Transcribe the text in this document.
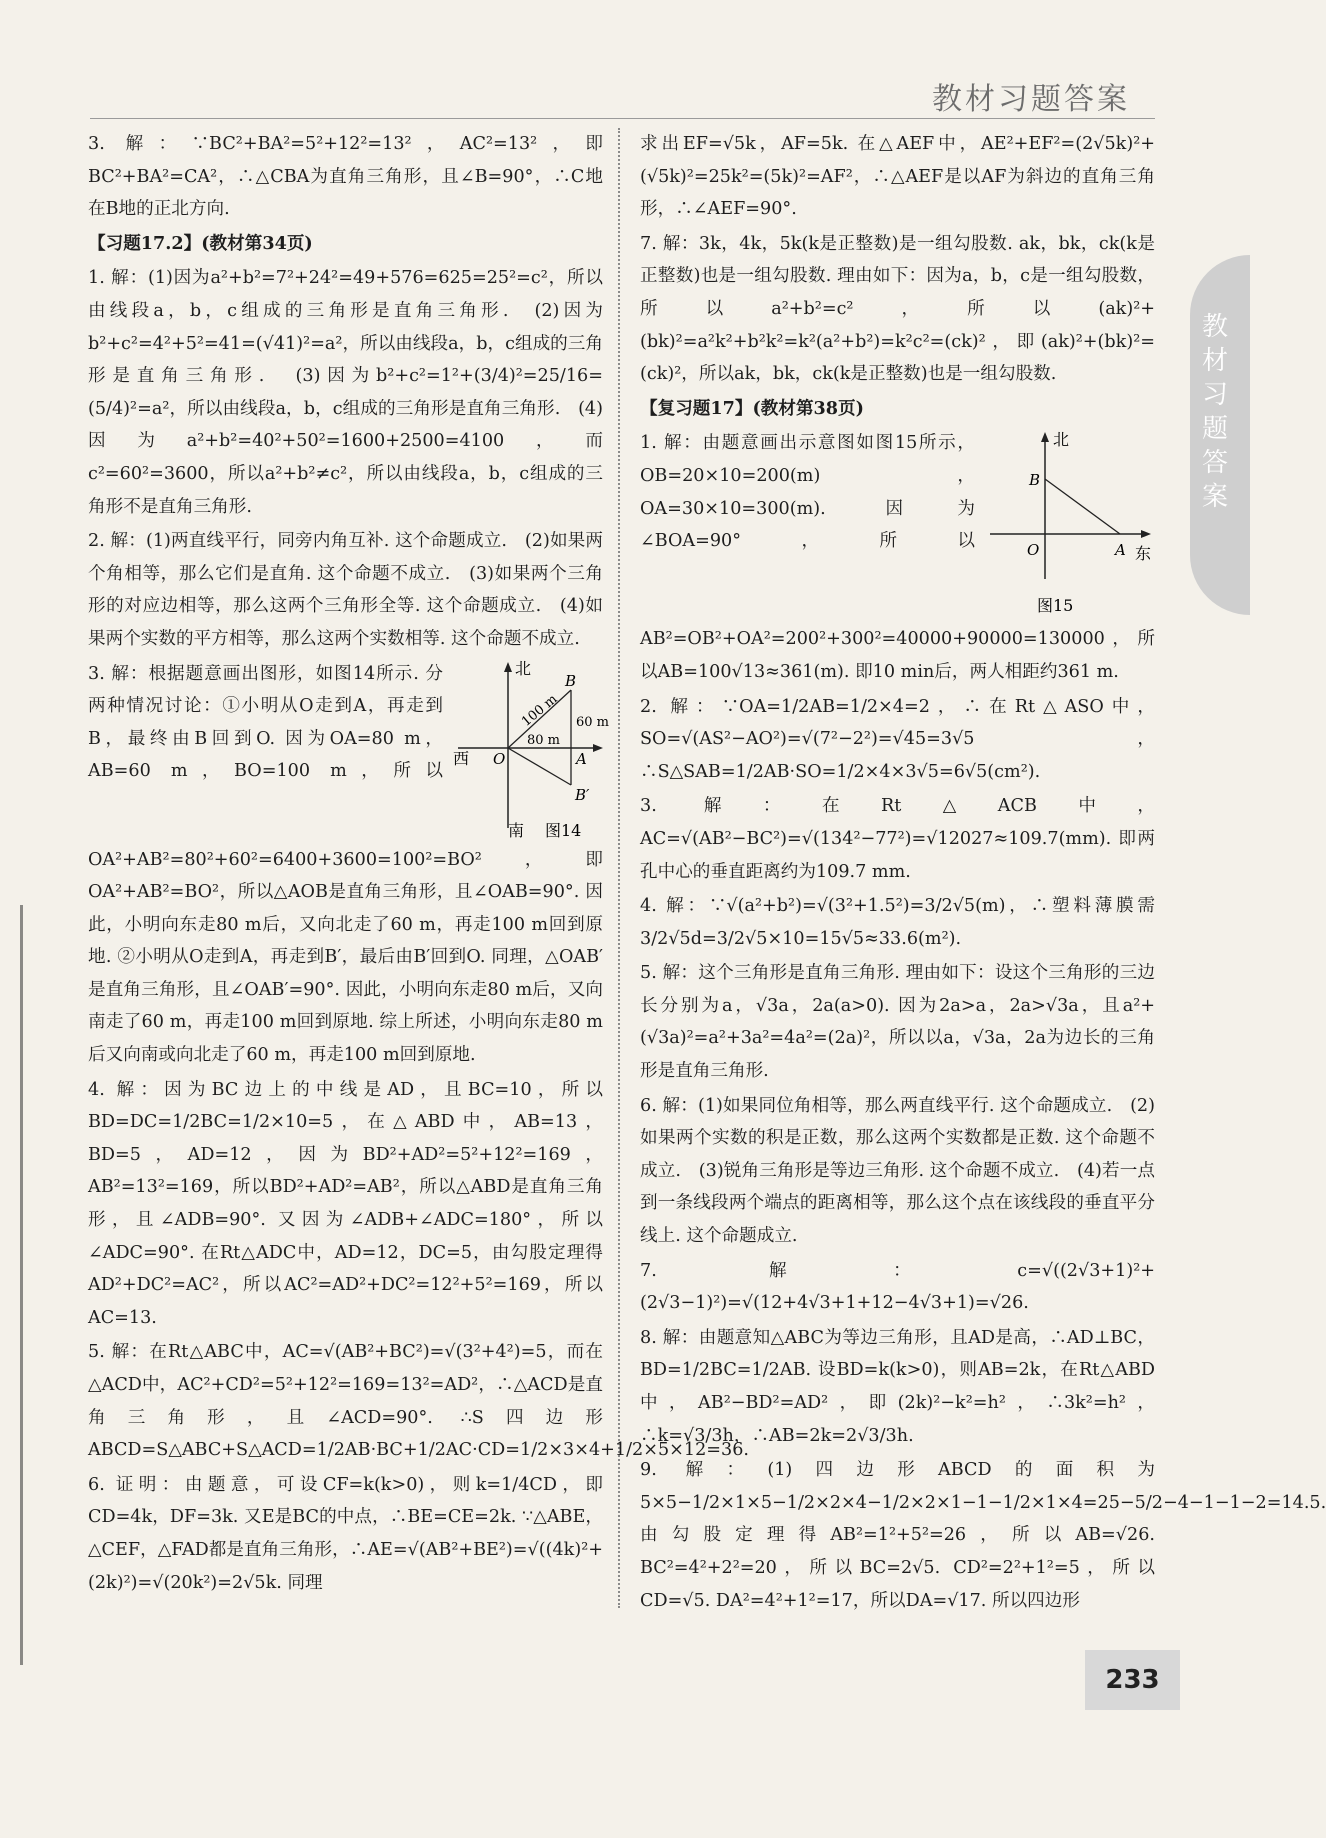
教材习题答案
教材习题答案

3. 解：∵BC²+BA²=5²+12²=13²，AC²=13²，即BC²+BA²=CA²，∴△CBA为直角三角形，且∠B=90°，∴C地在B地的正北方向.

【习题17.2】(教材第34页)

1. 解：(1)因为a²+b²=7²+24²=49+576=625=25²=c²，所以由线段a，b，c组成的三角形是直角三角形.　(2)因为b²+c²=4²+5²=41=(√41)²=a²，所以由线段a，b，c组成的三角形是直角三角形.　(3)因为b²+c²=1²+(3/4)²=25/16=(5/4)²=a²，所以由线段a，b，c组成的三角形是直角三角形.　(4)因为a²+b²=40²+50²=1600+2500=4100，而c²=60²=3600，所以a²+b²≠c²，所以由线段a，b，c组成的三角形不是直角三角形.

2. 解：(1)两直线平行，同旁内角互补. 这个命题成立.　(2)如果两个角相等，那么它们是直角. 这个命题不成立.　(3)如果两个三角形的对应边相等，那么这两个三角形全等. 这个命题成立.　(4)如果两个实数的平方相等，那么这两个实数相等. 这个命题不成立.

北
南
西 O	A
B
B′
100 m
80 m
60 m
图14
3. 解：根据题意画出图形，如图14所示. 分两种情况讨论：①小明从O走到A，再走到B，最终由B回到O. 因为OA=80 m，AB=60 m，BO=100 m，所以OA²+AB²=80²+60²=6400+3600=100²=BO²，即OA²+AB²=BO²，所以△AOB是直角三角形，且∠OAB=90°. 因此，小明向东走80 m后，又向北走了60 m，再走100 m回到原地. ②小明从O走到A，再走到B′，最后由B′回到O. 同理，△OAB′是直角三角形，且∠OAB′=90°. 因此，小明向东走80 m后，又向南走了60 m，再走100 m回到原地. 综上所述，小明向东走80 m后又向南或向北走了60 m，再走100 m回到原地.

4. 解：因为BC边上的中线是AD，且BC=10，所以BD=DC=1/2BC=1/2×10=5，在△ABD中，AB=13，BD=5，AD=12，因为BD²+AD²=5²+12²=169，AB²=13²=169，所以BD²+AD²=AB²，所以△ABD是直角三角形，且∠ADB=90°. 又因为∠ADB+∠ADC=180°，所以∠ADC=90°. 在Rt△ADC中，AD=12，DC=5，由勾股定理得AD²+DC²=AC²，所以AC²=AD²+DC²=12²+5²=169，所以AC=13.

5. 解：在Rt△ABC中，AC=√(AB²+BC²)=√(3²+4²)=5，而在△ACD中，AC²+CD²=5²+12²=169=13²=AD²，∴△ACD是直角三角形，且∠ACD=90°. ∴S四边形ABCD=S△ABC+S△ACD=1/2AB·BC+1/2AC·CD=1/2×3×4+1/2×5×12=36.

6. 证明：由题意，可设CF=k(k>0)，则k=1/4CD，即CD=4k，DF=3k. 又E是BC的中点，∴BE=CE=2k. ∵△ABE，△CEF，△FAD都是直角三角形，∴AE=√(AB²+BE²)=√((4k)²+(2k)²)=√(20k²)=2√5k. 同理

求出EF=√5k，AF=5k. 在△AEF中，AE²+EF²=(2√5k)²+(√5k)²=25k²=(5k)²=AF²，∴△AEF是以AF为斜边的直角三角形，∴∠AEF=90°.

7. 解：3k，4k，5k(k是正整数)是一组勾股数. ak，bk，ck(k是正整数)也是一组勾股数. 理由如下：因为a，b，c是一组勾股数，所以a²+b²=c²，所以(ak)²+(bk)²=a²k²+b²k²=k²(a²+b²)=k²c²=(ck)²，即(ak)²+(bk)²=(ck)²，所以ak，bk，ck(k是正整数)也是一组勾股数.

【复习题17】(教材第38页)

北
东
O	A
B
图15
1. 解：由题意画出示意图如图15所示，OB=20×10=200(m)，OA=30×10=300(m). 因为∠BOA=90°，所以AB²=OB²+OA²=200²+300²=40000+90000=130000，所以AB=100√13≈361(m). 即10 min后，两人相距约361 m.

2. 解：∵OA=1/2AB=1/2×4=2，∴在Rt△ASO中，SO=√(AS²−AO²)=√(7²−2²)=√45=3√5，∴S△SAB=1/2AB·SO=1/2×4×3√5=6√5(cm²).

3. 解：在Rt△ACB中，AC=√(AB²−BC²)=√(134²−77²)=√12027≈109.7(mm). 即两孔中心的垂直距离约为109.7 mm.

4. 解：∵√(a²+b²)=√(3²+1.5²)=3/2√5(m)，∴塑料薄膜需3/2√5d=3/2√5×10=15√5≈33.6(m²).

5. 解：这个三角形是直角三角形. 理由如下：设这个三角形的三边长分别为a，√3a，2a(a>0). 因为2a>a，2a>√3a，且a²+(√3a)²=a²+3a²=4a²=(2a)²，所以以a，√3a，2a为边长的三角形是直角三角形.

6. 解：(1)如果同位角相等，那么两直线平行. 这个命题成立.　(2)如果两个实数的积是正数，那么这两个实数都是正数. 这个命题不成立.　(3)锐角三角形是等边三角形. 这个命题不成立.　(4)若一点到一条线段两个端点的距离相等，那么这个点在该线段的垂直平分线上. 这个命题成立.

7. 解：c=√((2√3+1)²+(2√3−1)²)=√(12+4√3+1+12−4√3+1)=√26.

8. 解：由题意知△ABC为等边三角形，且AD是高，∴AD⊥BC，BD=1/2BC=1/2AB. 设BD=k(k>0)，则AB=2k，在Rt△ABD中，AB²−BD²=AD²，即(2k)²−k²=h²，∴3k²=h²，∴k=√3/3h，∴AB=2k=2√3/3h.

9. 解：(1)四边形ABCD的面积为5×5−1/2×1×5−1/2×2×4−1/2×2×1−1−1/2×1×4=25−5/2−4−1−1−2=14.5. 由勾股定理得AB²=1²+5²=26，所以AB=√26. BC²=4²+2²=20，所以BC=2√5. CD²=2²+1²=5，所以CD=√5. DA²=4²+1²=17，所以DA=√17. 所以四边形

233
